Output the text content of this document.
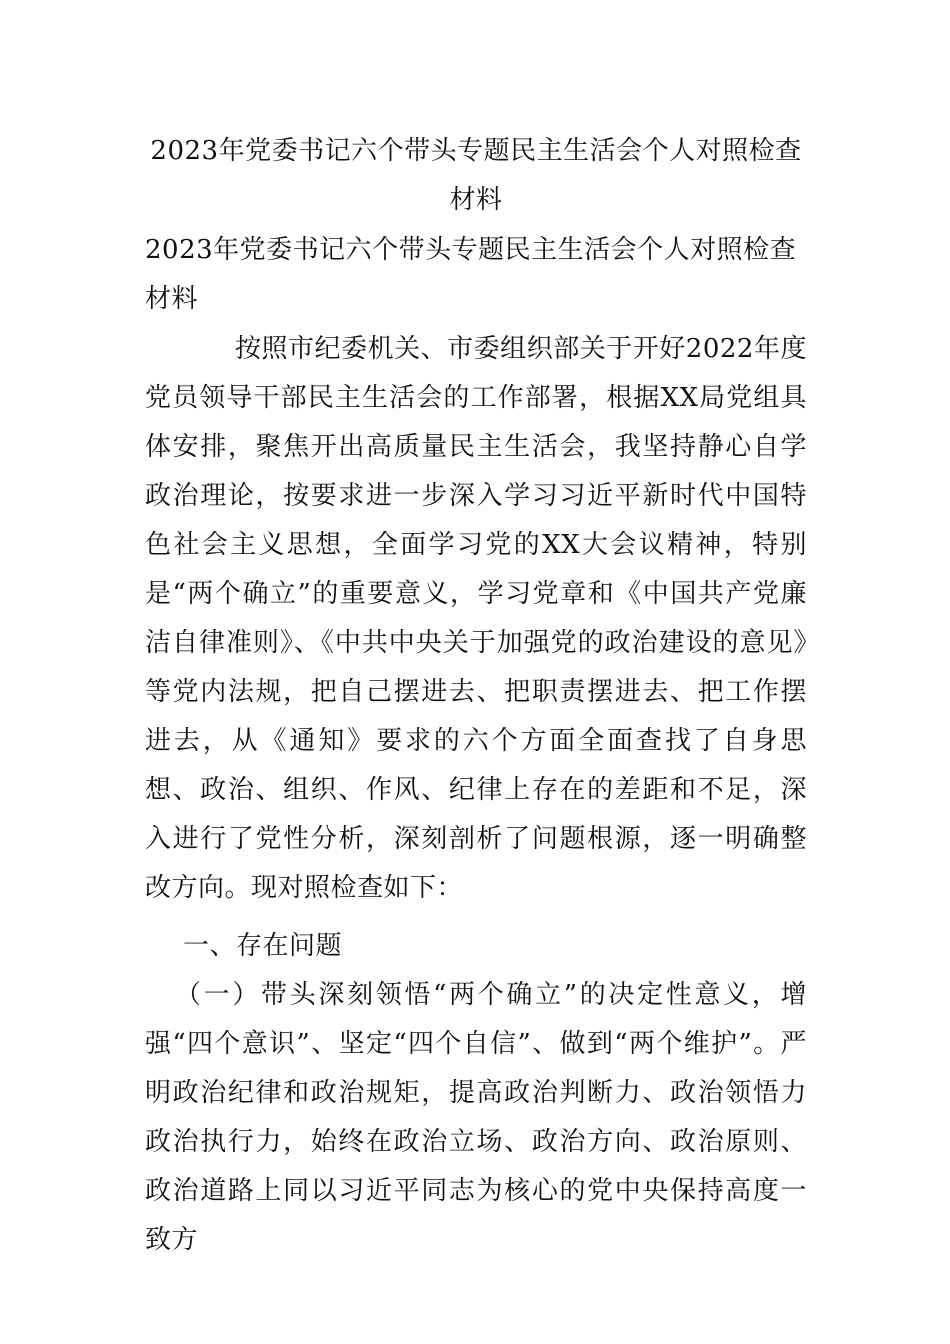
2023年党委书记六个带头专题民主生活会个人对照检查材料
2023年党委书记六个带头专题民主生活会个人对照检查材料
按照市纪委机关、市委组织部关于开好2022年度党员领导干部民主生活会的工作部署，根据XX局党组具体安排，聚焦开出高质量民主生活会，我坚持静心自学政治理论，按要求进一步深入学习习近平新时代中国特色社会主义思想，全面学习党的XX大会议精神，特别是“两个确立”的重要意义，学习党章和《中国共产党廉洁自律准则》、《中共中央关于加强党的政治建设的意见》等党内法规，把自己摆进去、把职责摆进去、把工作摆进去，从《通知》要求的六个方面全面查找了自身思想、政治、组织、作风、纪律上存在的差距和不足，深入进行了党性分析，深刻剖析了问题根源，逐一明确整改方向。现对照检查如下：
一、存在问题
（一）带头深刻领悟“两个确立”的决定性意义，增强“四个意识”、坚定“四个自信”、做到“两个维护”。严明政治纪律和政治规矩，提高政治判断力、政治领悟力政治执行力，始终在政治立场、政治方向、政治原则、政治道路上同以习近平同志为核心的党中央保持高度一致方
